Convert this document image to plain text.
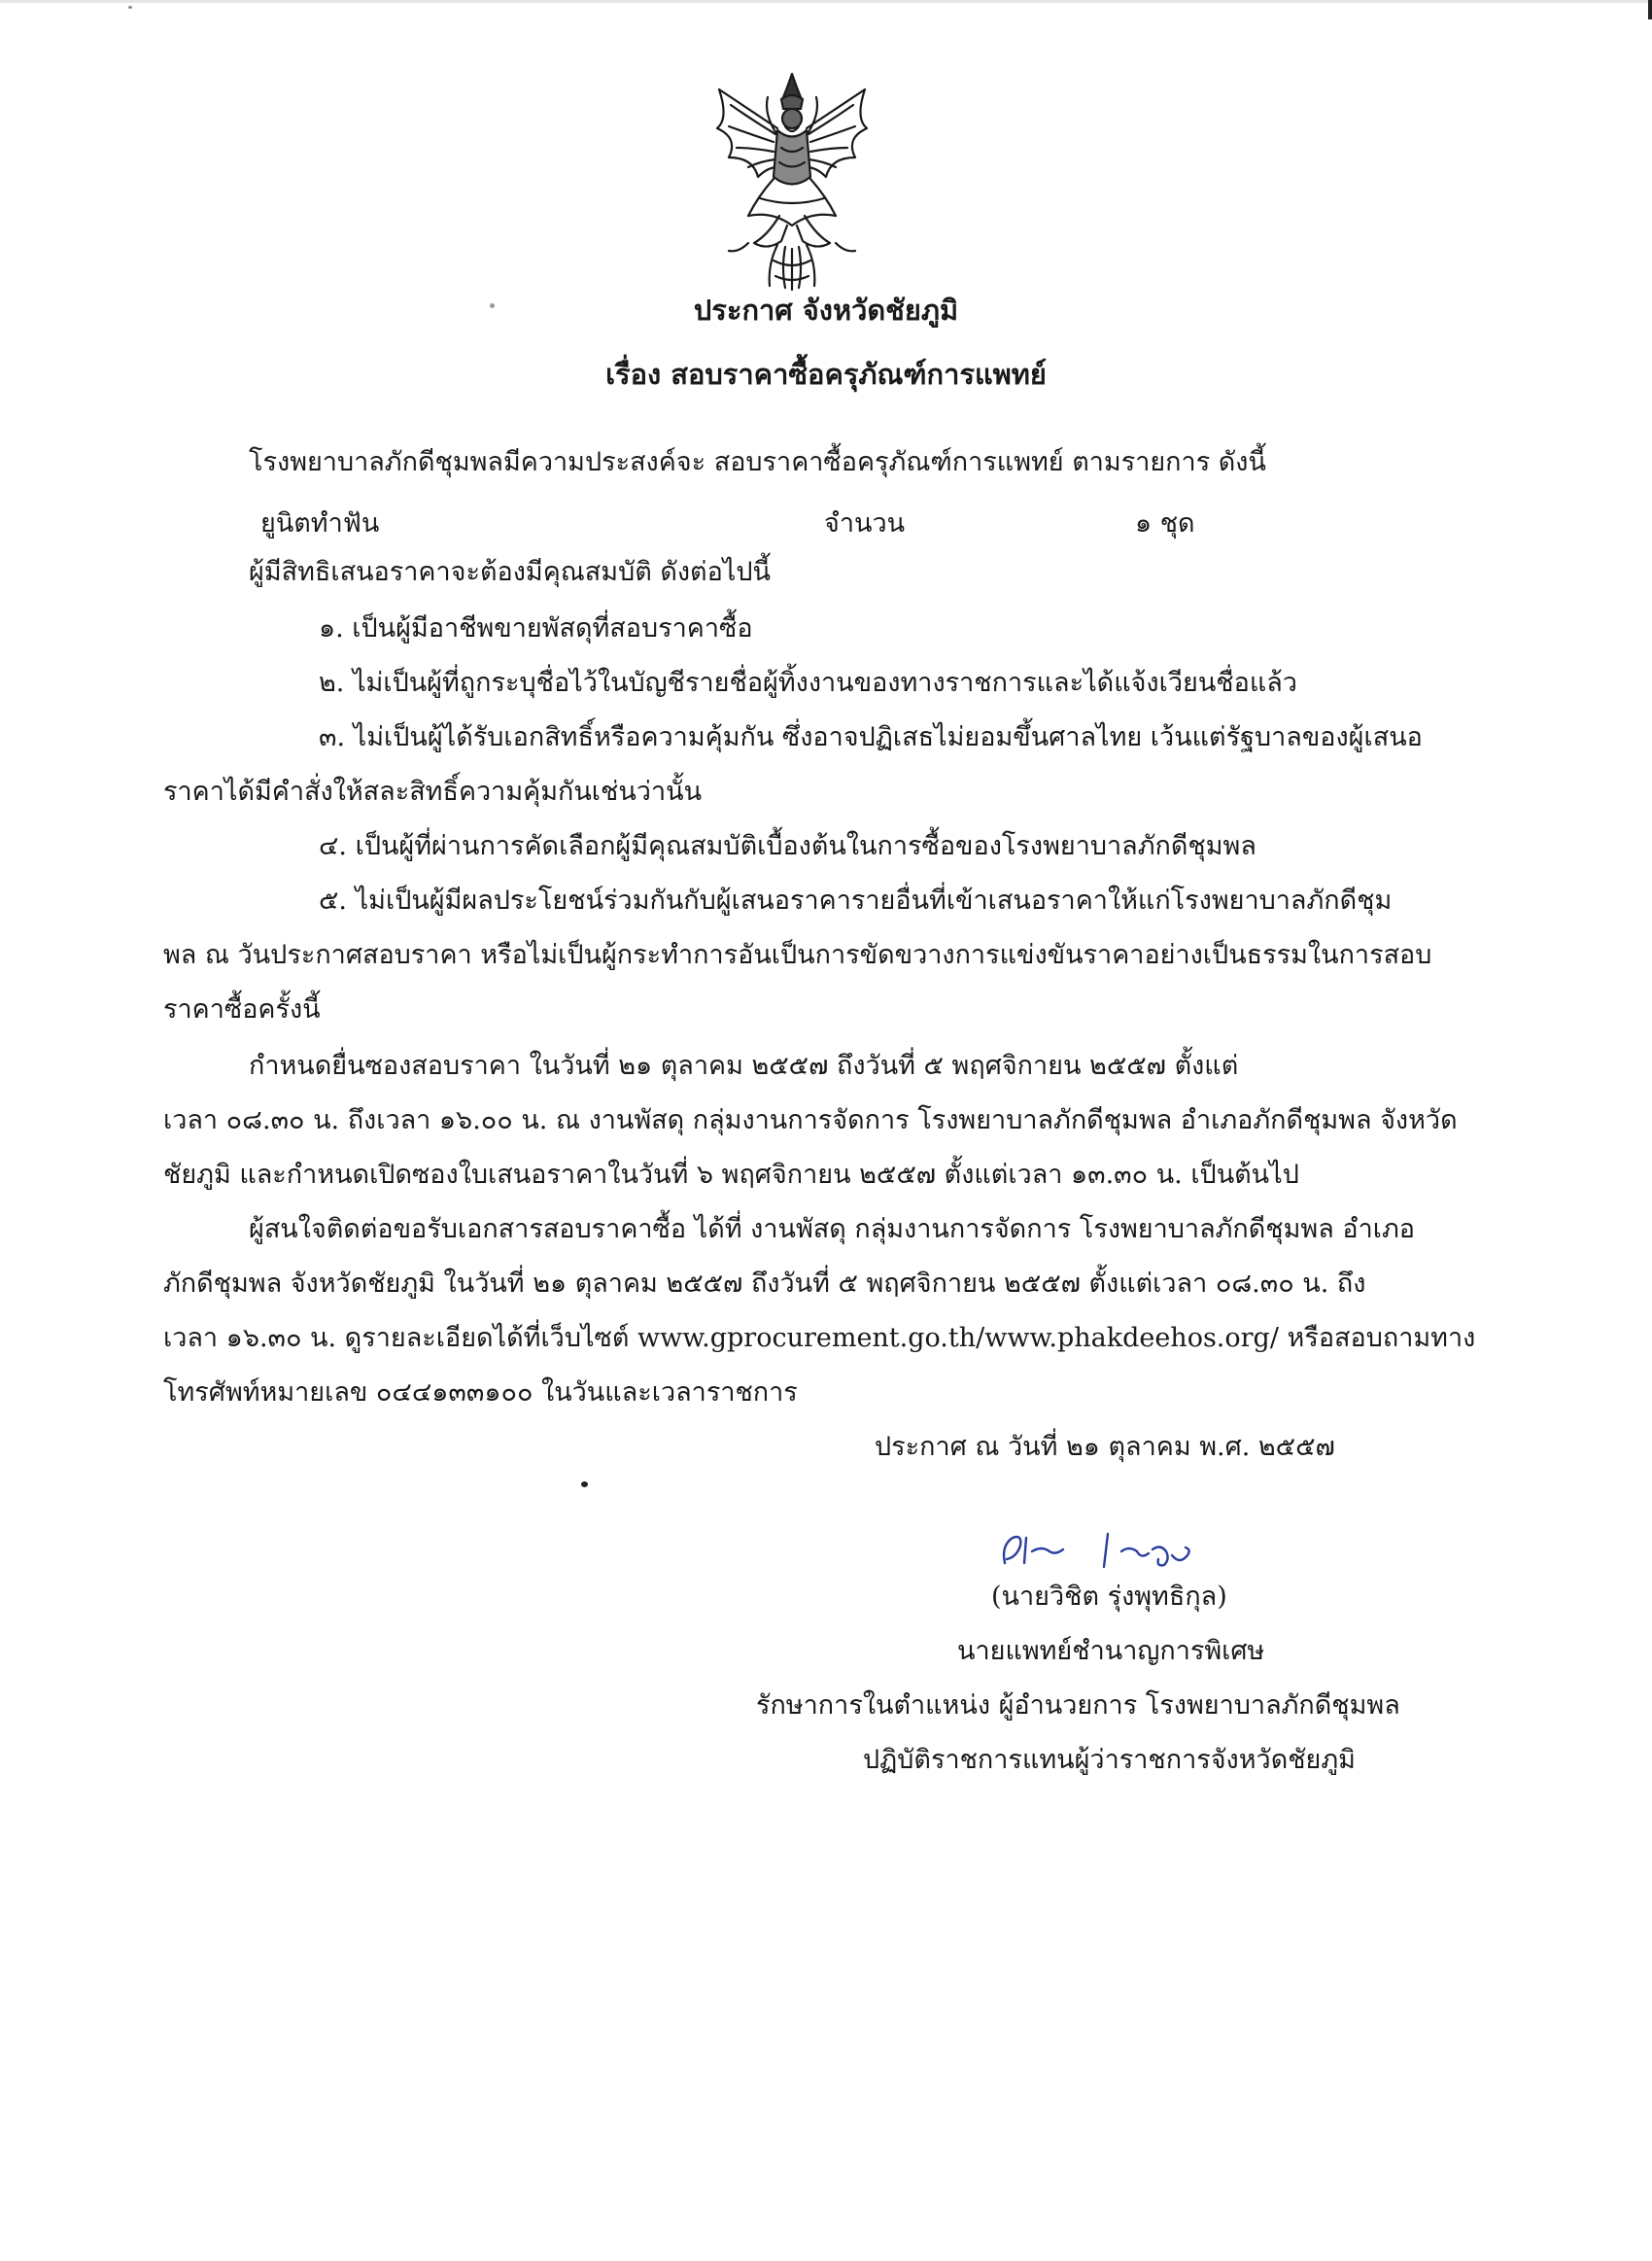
ประกาศ จังหวัดชัยภูมิ
เรื่อง สอบราคาซื้อครุภัณฑ์การแพทย์
โรงพยาบาลภักดีชุมพลมีความประสงค์จะ สอบราคาซื้อครุภัณฑ์การแพทย์ ตามรายการ ดังนี้
ยูนิตทำฟัน	จำนวน	๑ ชุด
ผู้มีสิทธิเสนอราคาจะต้องมีคุณสมบัติ ดังต่อไปนี้
๑. เป็นผู้มีอาชีพขายพัสดุที่สอบราคาซื้อ
๒. ไม่เป็นผู้ที่ถูกระบุชื่อไว้ในบัญชีรายชื่อผู้ทิ้งงานของทางราชการและได้แจ้งเวียนชื่อแล้ว
๓. ไม่เป็นผู้ได้รับเอกสิทธิ์หรือความคุ้มกัน ซึ่งอาจปฏิเสธไม่ยอมขึ้นศาลไทย เว้นแต่รัฐบาลของผู้เสนอ
ราคาได้มีคำสั่งให้สละสิทธิ์ความคุ้มกันเช่นว่านั้น
๔. เป็นผู้ที่ผ่านการคัดเลือกผู้มีคุณสมบัติเบื้องต้นในการซื้อของโรงพยาบาลภักดีชุมพล
๕. ไม่เป็นผู้มีผลประโยชน์ร่วมกันกับผู้เสนอราคารายอื่นที่เข้าเสนอราคาให้แก่โรงพยาบาลภักดีชุม
พล ณ วันประกาศสอบราคา หรือไม่เป็นผู้กระทำการอันเป็นการขัดขวางการแข่งขันราคาอย่างเป็นธรรมในการสอบ
ราคาซื้อครั้งนี้
กำหนดยื่นซองสอบราคา ในวันที่ ๒๑ ตุลาคม ๒๕๕๗ ถึงวันที่ ๕ พฤศจิกายน ๒๕๕๗ ตั้งแต่
เวลา ๐๘.๓๐ น. ถึงเวลา ๑๖.๐๐ น. ณ งานพัสดุ กลุ่มงานการจัดการ โรงพยาบาลภักดีชุมพล อำเภอภักดีชุมพล จังหวัด
ชัยภูมิ และกำหนดเปิดซองใบเสนอราคาในวันที่ ๖ พฤศจิกายน ๒๕๕๗ ตั้งแต่เวลา ๑๓.๓๐ น. เป็นต้นไป
ผู้สนใจติดต่อขอรับเอกสารสอบราคาซื้อ ได้ที่ งานพัสดุ กลุ่มงานการจัดการ โรงพยาบาลภักดีชุมพล อำเภอ
ภักดีชุมพล จังหวัดชัยภูมิ ในวันที่ ๒๑ ตุลาคม ๒๕๕๗ ถึงวันที่ ๕ พฤศจิกายน ๒๕๕๗ ตั้งแต่เวลา ๐๘.๓๐ น. ถึง
เวลา ๑๖.๓๐ น. ดูรายละเอียดได้ที่เว็บไซต์ www.gprocurement.go.th/www.phakdeehos.org/ หรือสอบถามทาง
โทรศัพท์หมายเลข ๐๔๔๑๓๓๑๐๐ ในวันและเวลาราชการ
ประกาศ ณ วันที่ ๒๑ ตุลาคม พ.ศ. ๒๕๕๗
(นายวิชิต รุ่งพุทธิกุล)
นายแพทย์ชำนาญการพิเศษ
รักษาการในตำแหน่ง ผู้อำนวยการ โรงพยาบาลภักดีชุมพล
ปฏิบัติราชการแทนผู้ว่าราชการจังหวัดชัยภูมิ
